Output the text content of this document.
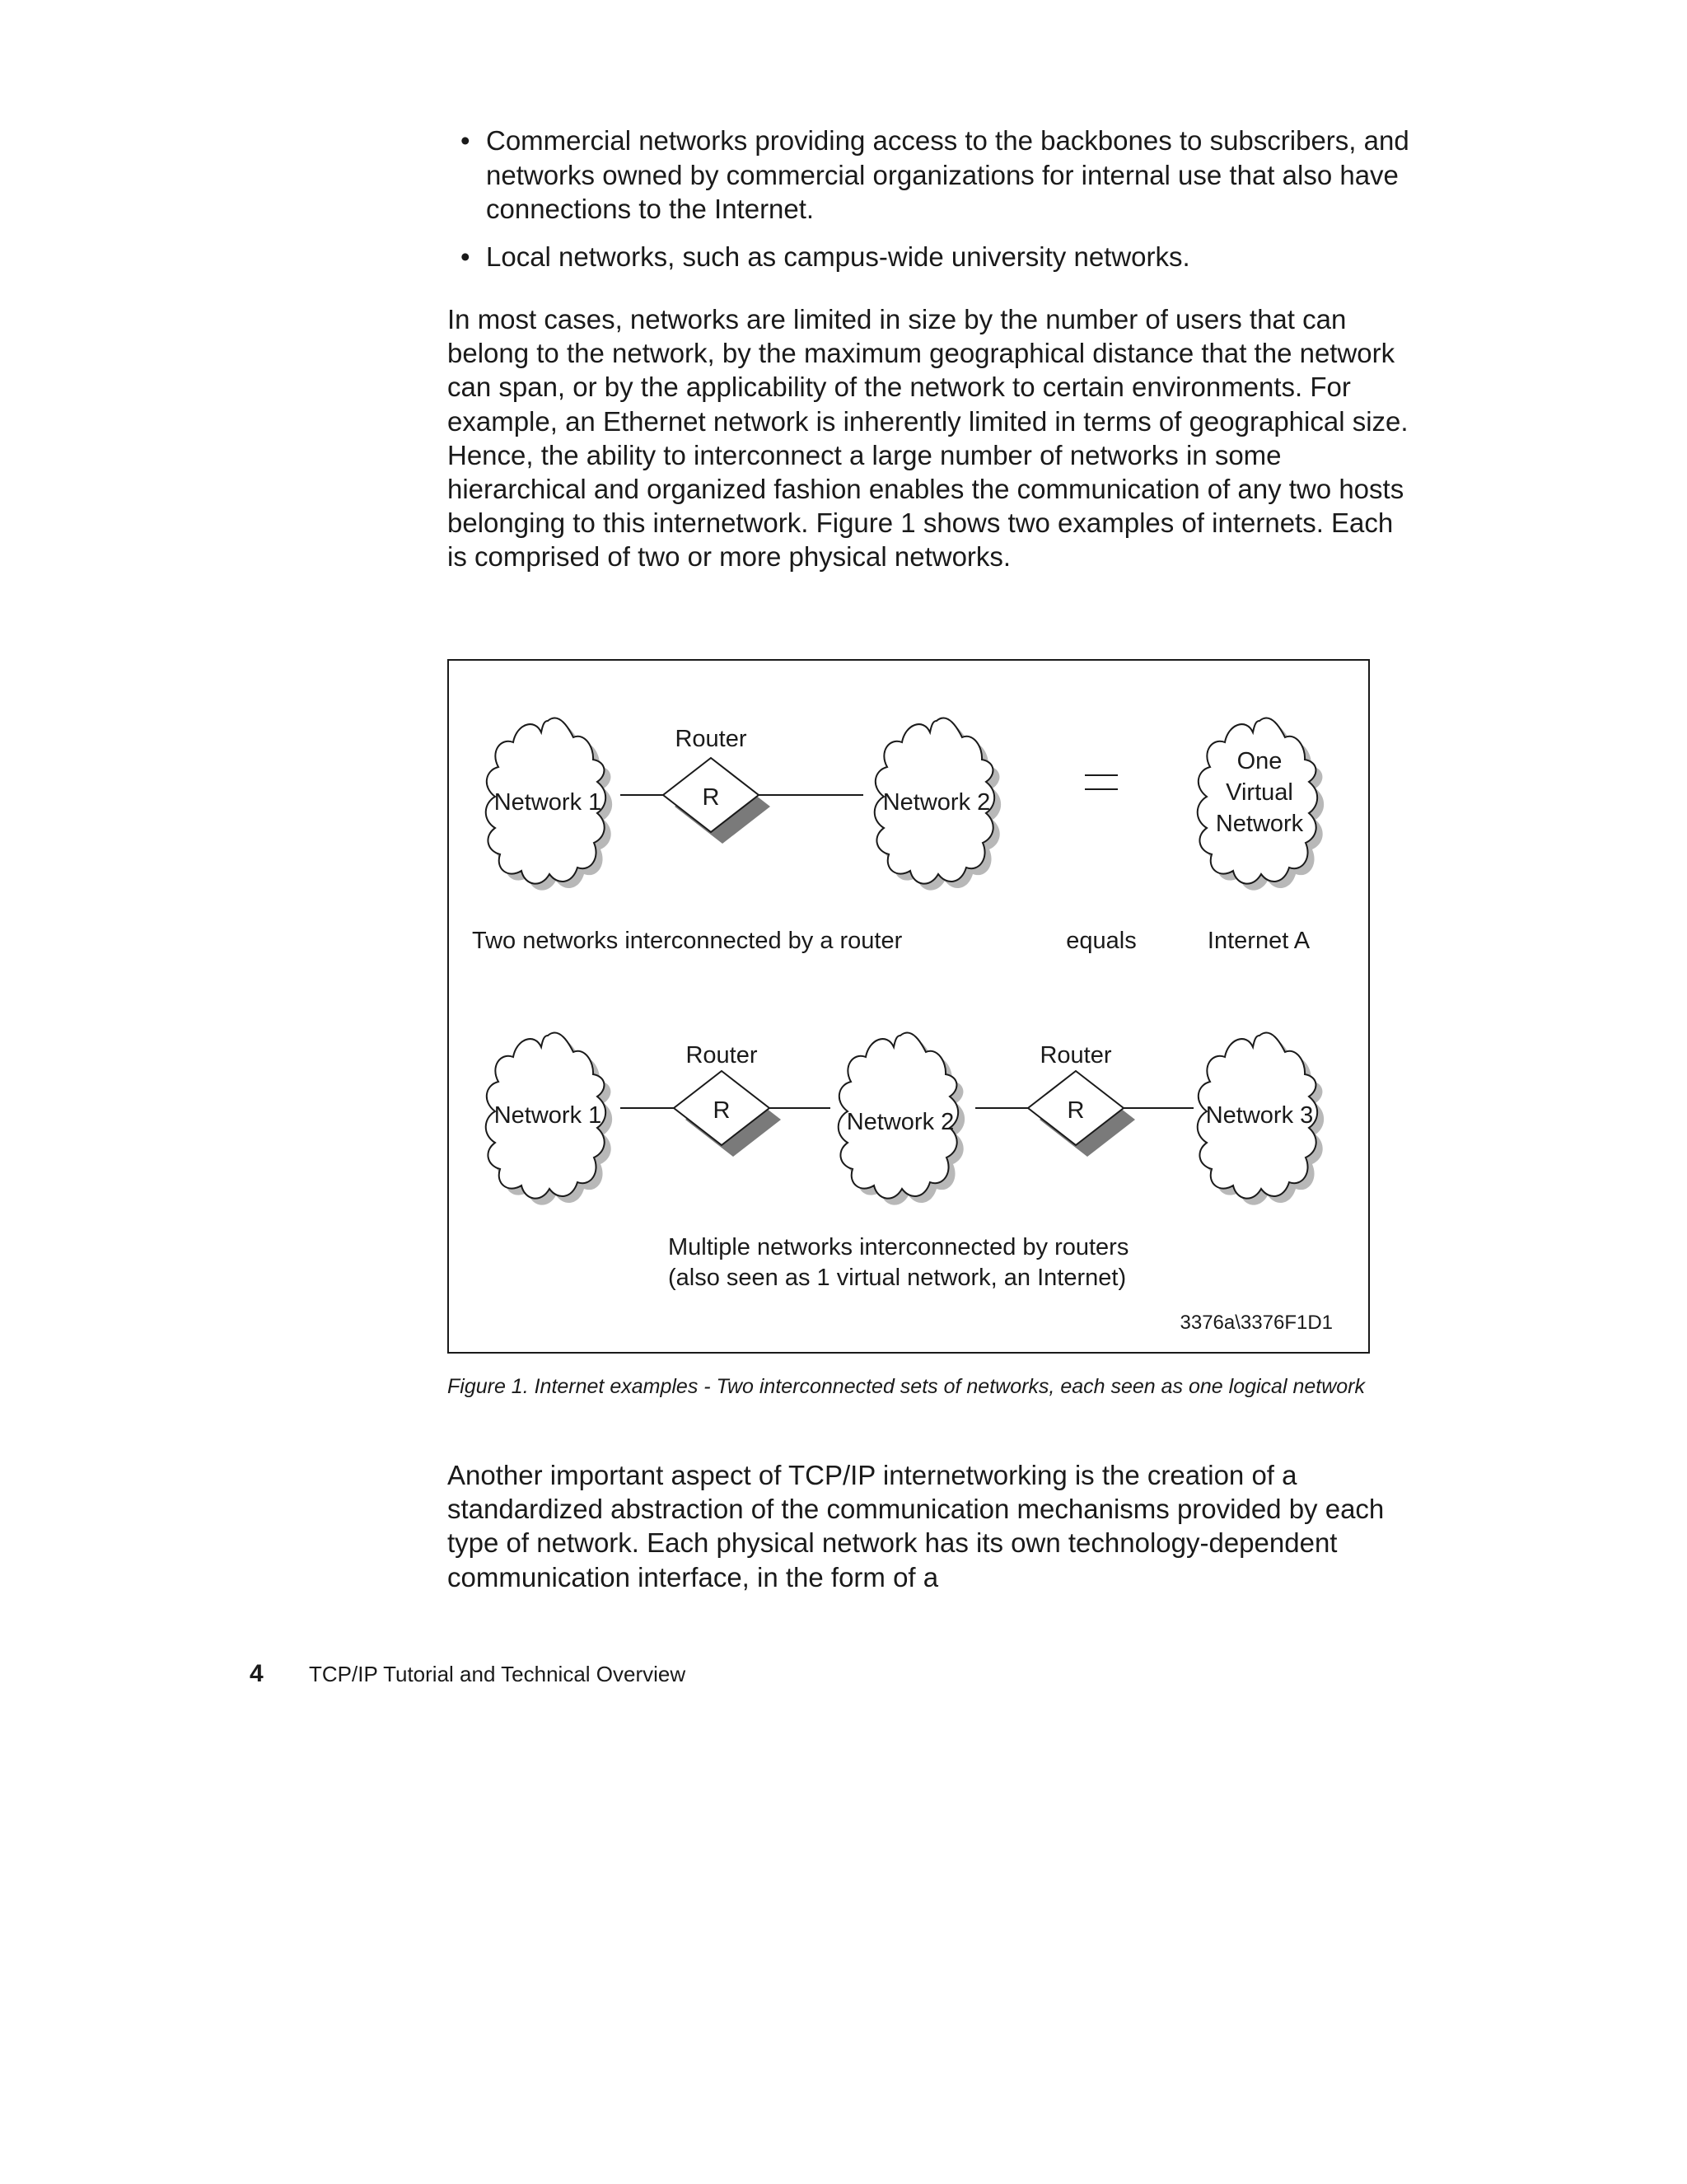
• Commercial networks providing access to the backbones to subscribers, and networks owned by commercial organizations for internal use that also have connections to the Internet.
• Local networks, such as campus-wide university networks.
In most cases, networks are limited in size by the number of users that can belong to the network, by the maximum geographical distance that the network can span, or by the applicability of the network to certain environments. For example, an Ethernet network is inherently limited in terms of geographical size. Hence, the ability to interconnect a large number of networks in some hierarchical and organized fashion enables the communication of any two hosts belonging to this internetwork. Figure 1 shows two examples of internets. Each is comprised of two or more physical networks.
Network 1	Network 2
One
Virtual
Network
Router
R
Two networks interconnected by a router	equals	Internet A
Network 1	Network 2	Network 3
Router
R
Router
R
Multiple networks interconnected by routers
(also seen as 1 virtual network, an Internet)
3376a\3376F1D1
Figure 1. Internet examples - Two interconnected sets of networks, each seen as one logical network
Another important aspect of TCP/IP internetworking is the creation of a standardized abstraction of the communication mechanisms provided by each type of network. Each physical network has its own technology-dependent communication interface, in the form of a
4 TCP/IP Tutorial and Technical Overview
